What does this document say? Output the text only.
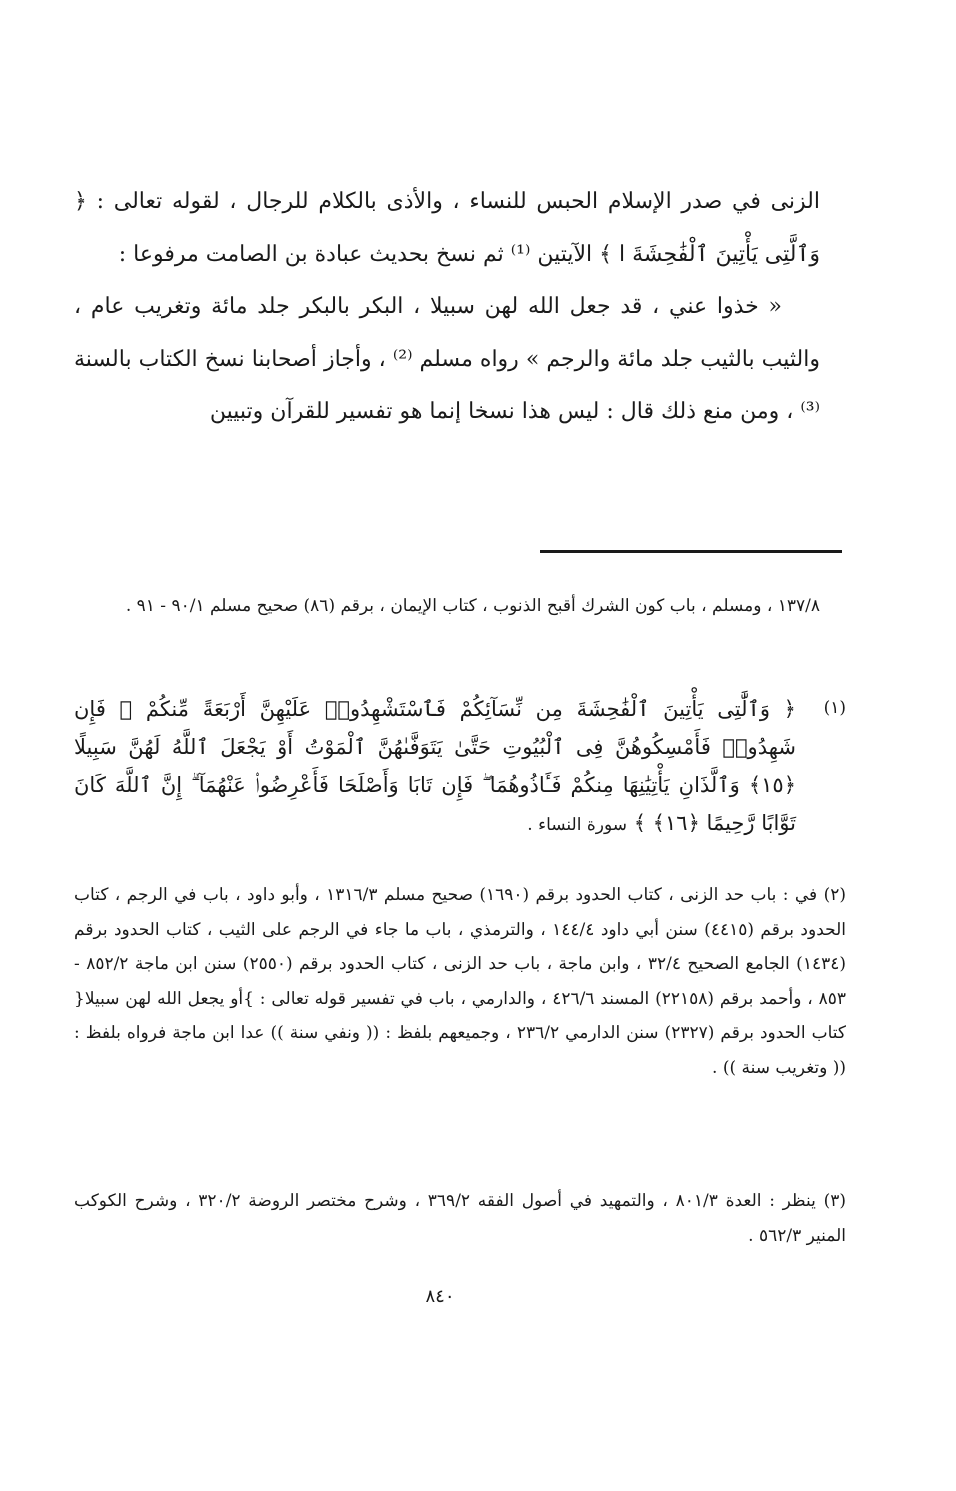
الزنى في صدر الإسلام الحبس للنساء ، والأذى بالكلام للرجال ، لقوله تعالى : ﴿ وَٱلَّتِى يَأْتِينَ ٱلْفَٰحِشَةَ ا ﴾ الآيتين ⁽¹⁾ ثم نسخ بحديث عبادة بن الصامت مرفوعا :

« خذوا عني ، قد جعل الله لهن سبيلا ، البكر بالبكر جلد مائة وتغريب عام ، والثيب بالثيب جلد مائة والرجم » رواه مسلم ⁽²⁾ ، وأجاز أصحابنا نسخ الكتاب بالسنة ⁽³⁾ ، ومن منع ذلك قال : ليس هذا نسخا إنما هو تفسير للقرآن وتبيين

١٣٧/٨ ، ومسلم ، باب كون الشرك أقبح الذنوب ، كتاب الإيمان ، برقم (٨٦) صحيح مسلم ٩٠/١ - ٩١ .

(١)

﴿ وَٱلَّٰتِى يَأْتِينَ ٱلْفَٰحِشَةَ مِن نِّسَآئِكُمْ فَٱسْتَشْهِدُوا۟ عَلَيْهِنَّ أَرْبَعَةً مِّنكُمْ ۖ فَإِن شَهِدُوا۟ فَأَمْسِكُوهُنَّ فِى ٱلْبُيُوتِ حَتَّىٰ يَتَوَفَّىٰهُنَّ ٱلْمَوْتُ أَوْ يَجْعَلَ ٱللَّهُ لَهُنَّ سَبِيلًا ﴿١٥﴾ وَٱلَّذَانِ يَأْتِيَٰنِهَا مِنكُمْ فَـَٔاذُوهُمَا ۖ فَإِن تَابَا وَأَصْلَحَا فَأَعْرِضُوا۟ عَنْهُمَآ ۗ إِنَّ ٱللَّهَ كَانَ تَوَّابًا رَّحِيمًا ﴿١٦﴾ ﴾ سورة النساء .

(٢) في : باب حد الزنى ، كتاب الحدود برقم (١٦٩٠) صحيح مسلم ١٣١٦/٣ ، وأبو داود ، باب في الرجم ، كتاب الحدود برقم (٤٤١٥) سنن أبي داود ١٤٤/٤ ، والترمذي ، باب ما جاء في الرجم على الثيب ، كتاب الحدود برقم (١٤٣٤) الجامع الصحيح ٣٢/٤ ، وابن ماجة ، باب حد الزنى ، كتاب الحدود برقم (٢٥٥٠) سنن ابن ماجة ٨٥٢/٢ - ٨٥٣ ، وأحمد برقم (٢٢١٥٨) المسند ٤٢٦/٦ ، والدارمي ، باب في تفسير قوله تعالى : }أو يجعل الله لهن سبيلا{ كتاب الحدود برقم (٢٣٢٧) سنن الدارمي ٢٣٦/٢ ، وجميعهم بلفظ : (( ونفي سنة )) عدا ابن ماجة فرواه بلفظ : (( وتغريب سنة )) .

(٣) ينظر : العدة ٨٠١/٣ ، والتمهيد في أصول الفقه ٣٦٩/٢ ، وشرح مختصر الروضة ٣٢٠/٢ ، وشرح الكوكب المنير ٥٦٢/٣ .

٨٤٠
